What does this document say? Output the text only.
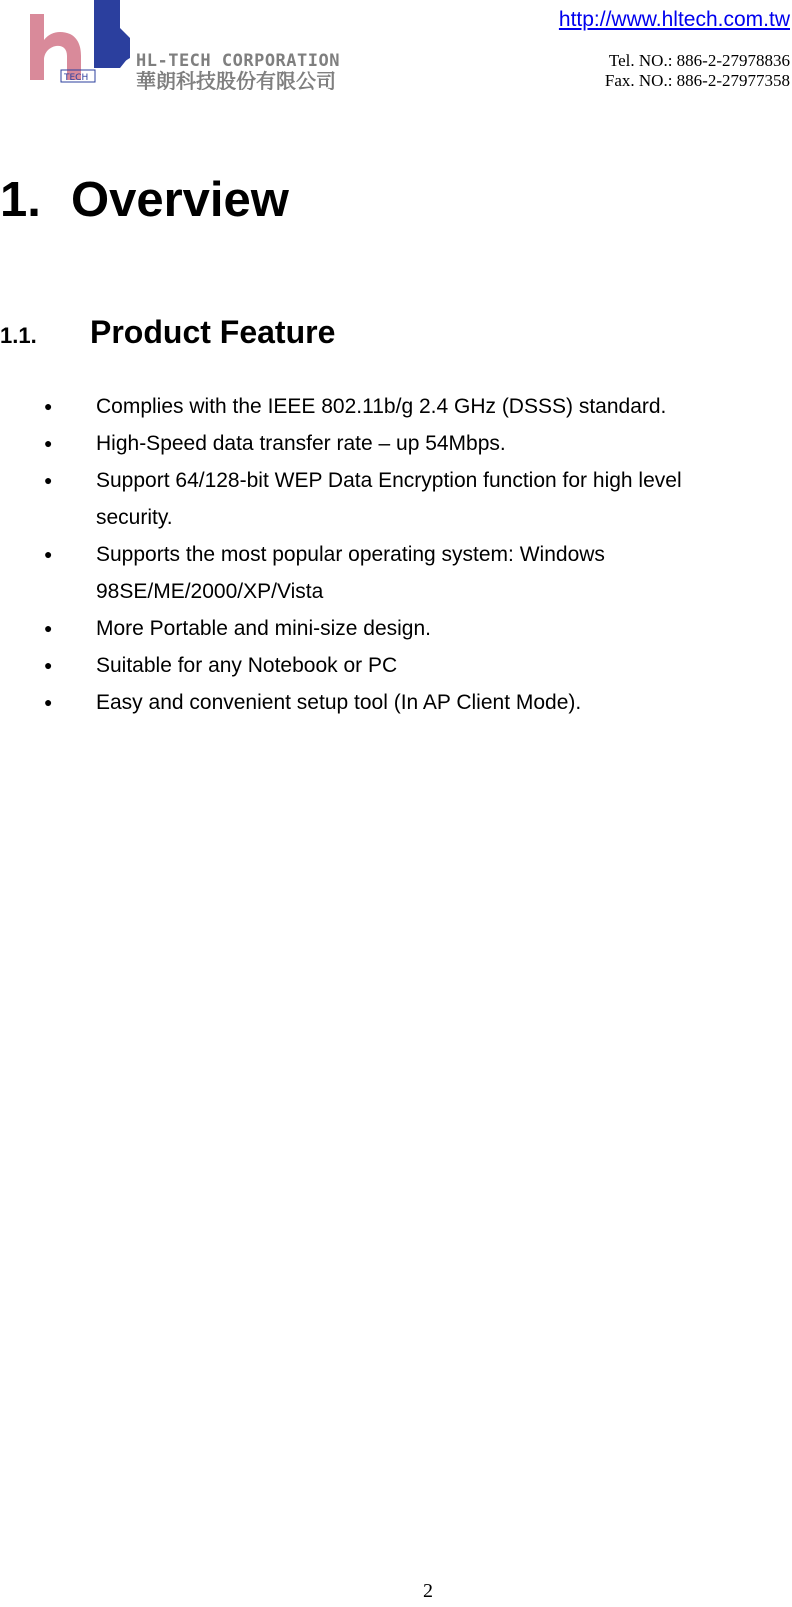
TECH
HL-TECH CORPORATION
華朗科技股份有限公司
http://www.hltech.com.tw
Tel. NO.: 886-2-27978836
Fax. NO.: 886-2-27977358
1. Overview
1.1. Product Feature
● Complies with the IEEE 802.11b/g 2.4 GHz (DSSS) standard.
● High-Speed data transfer rate – up 54Mbps.
● Support 64/128-bit WEP Data Encryption function for high level
security.
● Supports the most popular operating system: Windows
98SE/ME/2000/XP/Vista
● More Portable and mini-size design.
● Suitable for any Notebook or PC
● Easy and convenient setup tool (In AP Client Mode).
2
